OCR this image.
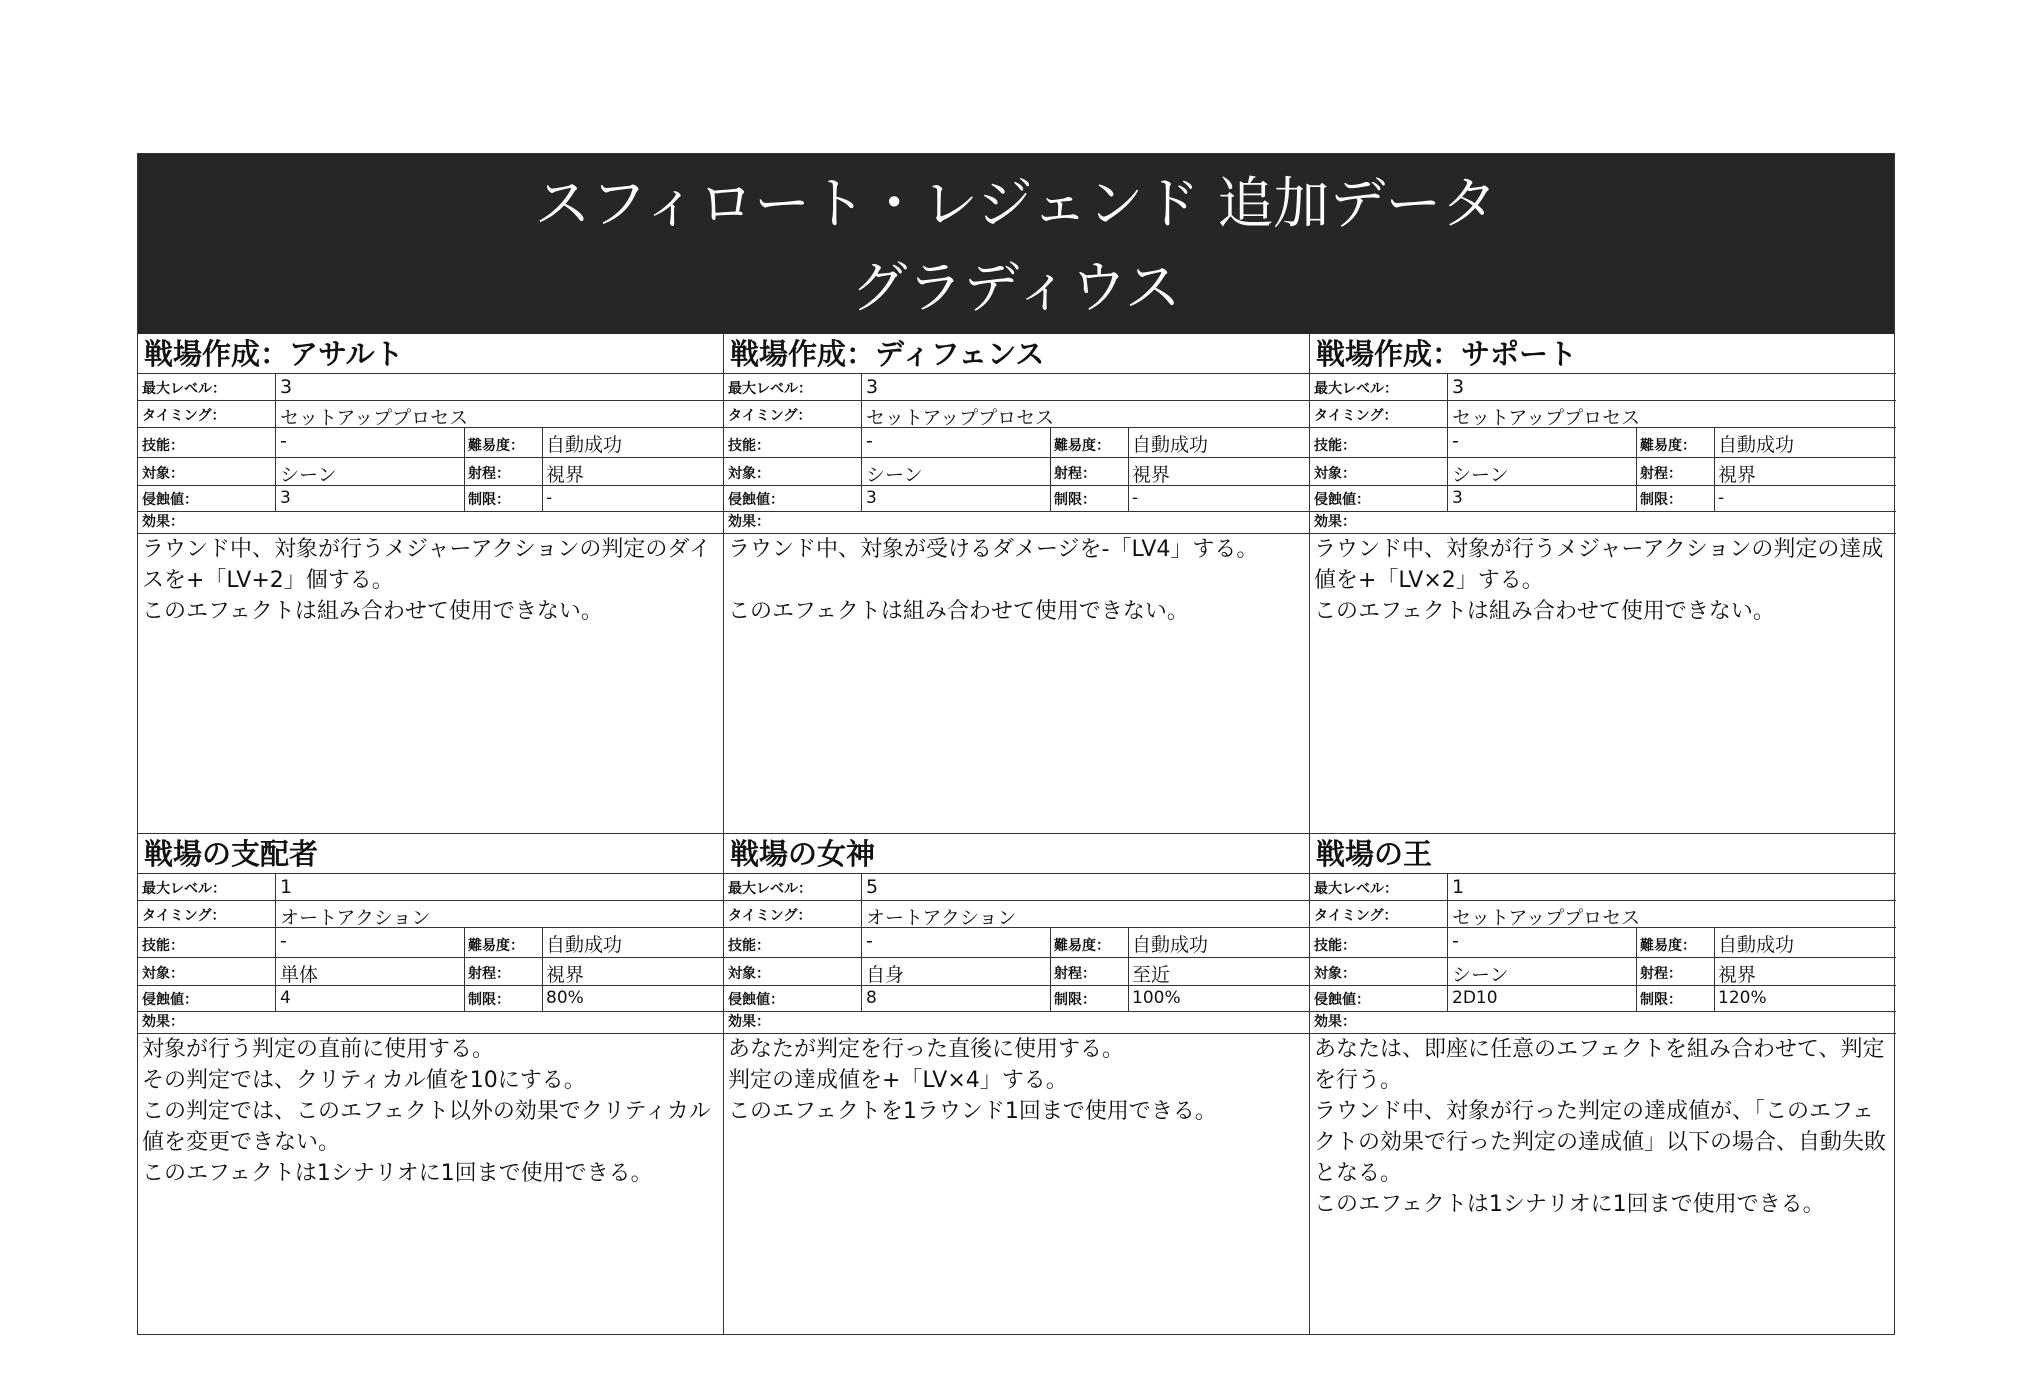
スフィロート・レジェンド 追加データ
グラディウス
戦場作成：アサルト
最大レベル：	3
タイミング：	セットアッププロセス
技能：	-	難易度： 自動成功
対象：	シーン	射程： 視界
侵蝕値：	3	制限： -
効果：
ラウンド中、対象が行うメジャーアクションの判定のダイスを+「LV+2」個する。
このエフェクトは組み合わせて使用できない。
戦場作成：ディフェンス
最大レベル：	3
タイミング：	セットアッププロセス
技能：	-	難易度： 自動成功
対象：	シーン	射程： 視界
侵蝕値：	3	制限： -
効果：
ラウンド中、対象が受けるダメージを-「LV4」する。

このエフェクトは組み合わせて使用できない。
戦場作成：サポート
最大レベル：	3
タイミング：	セットアッププロセス
技能：	-	難易度： 自動成功
対象：	シーン	射程： 視界
侵蝕値：	3	制限： -
効果：
ラウンド中、対象が行うメジャーアクションの判定の達成値を+「LV×2」する。
このエフェクトは組み合わせて使用できない。
戦場の支配者
最大レベル：	1
タイミング：	オートアクション
技能：	-	難易度： 自動成功
対象：	単体	射程： 視界
侵蝕値：	4	制限： 80%
効果：
対象が行う判定の直前に使用する。
その判定では、クリティカル値を10にする。
この判定では、このエフェクト以外の効果でクリティカル値を変更できない。
このエフェクトは1シナリオに1回まで使用できる。
戦場の女神
最大レベル：	5
タイミング：	オートアクション
技能：	-	難易度： 自動成功
対象：	自身	射程： 至近
侵蝕値：	8	制限： 100%
効果：
あなたが判定を行った直後に使用する。
判定の達成値を+「LV×4」する。
このエフェクトを1ラウンド1回まで使用できる。
戦場の王
最大レベル：	1
タイミング：	セットアッププロセス
技能：	-	難易度： 自動成功
対象：	シーン	射程： 視界
侵蝕値：	2D10	制限： 120%
効果：
あなたは、即座に任意のエフェクトを組み合わせて、判定を行う。
ラウンド中、対象が行った判定の達成値が、「このエフェクトの効果で行った判定の達成値」以下の場合、自動失敗となる。
このエフェクトは1シナリオに1回まで使用できる。
